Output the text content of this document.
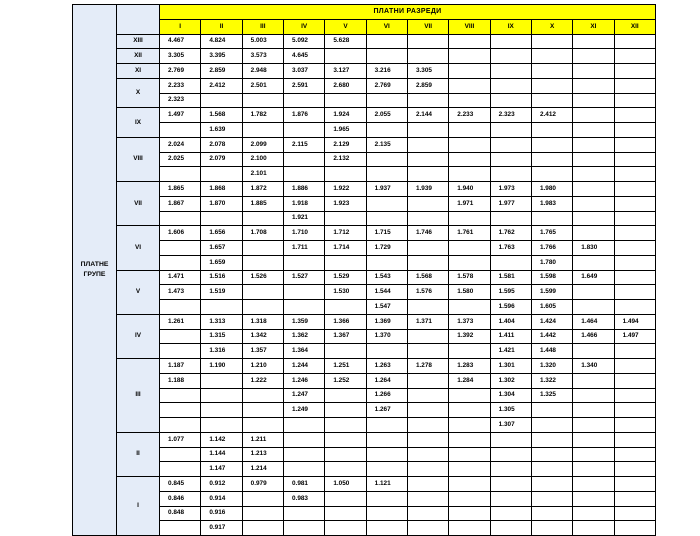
ПЛАТНЕ ГРУПЕ		ПЛАТНИ РАЗРЕДИ											
		I	II	III	IV	V	VI	VII	VIII	IX	X	XI	XII
	XIII	4.467	4.824	5.003	5.092	5.628							
	XII	3.305	3.395	3.573	4.645								
	XI	2.769	2.859	2.948	3.037	3.127	3.216	3.305					
	X	2.233	2.412	2.501	2.591	2.680	2.769	2.859					
		2.323											
	IX	1.497	1.568	1.782	1.876	1.924	2.055	2.144	2.233	2.323	2.412		
			1.639			1.965							
	VIII	2.024	2.078	2.099	2.115	2.129	2.135						
		2.025	2.079	2.100		2.132							
				2.101									
	VII	1.865	1.868	1.872	1.886	1.922	1.937	1.939	1.940	1.973	1.980		
		1.867	1.870	1.885	1.918	1.923			1.971	1.977	1.983		
					1.921								
	VI	1.606	1.656	1.708	1.710	1.712	1.715	1.746	1.761	1.762	1.765		
			1.657		1.711	1.714	1.729			1.763	1.766	1.830	
			1.659								1.780		
	V	1.471	1.516	1.526	1.527	1.529	1.543	1.568	1.578	1.581	1.598	1.649	
		1.473	1.519			1.530	1.544	1.576	1.580	1.595	1.599		
							1.547			1.596	1.605		
	IV	1.261	1.313	1.318	1.359	1.366	1.369	1.371	1.373	1.404	1.424	1.464	1.494
			1.315	1.342	1.362	1.367	1.370		1.392	1.411	1.442	1.466	1.497
			1.316	1.357	1.364					1.421	1.448		
	III	1.187	1.190	1.210	1.244	1.251	1.263	1.278	1.283	1.301	1.320	1.340	
		1.188		1.222	1.246	1.252	1.264		1.284	1.302	1.322		
					1.247		1.266			1.304	1.325		
					1.249		1.267			1.305			
										1.307			
	II	1.077	1.142	1.211									
			1.144	1.213									
			1.147	1.214									
	I	0.845	0.912	0.979	0.981	1.050	1.121						
		0.846	0.914		0.983								
		0.848	0.916										
			0.917										
